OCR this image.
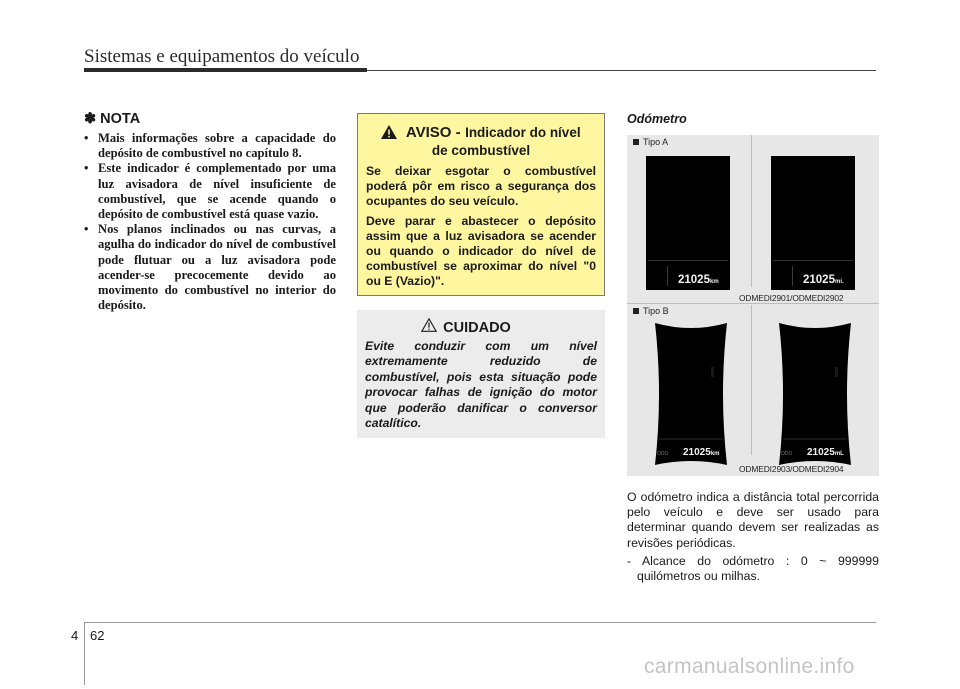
Sistemas e equipamentos do veículo
✽ NOTA
• Mais informações sobre a capacidade do depósito de combustível no capítulo 8.
• Este indicador é complementado por uma luz avisadora de nível insuficiente de combustível, que se acende quando o depósito de combustível está quase vazio.
• Nos planos inclinados ou nas curvas, a agulha do indicador do nível de combustível pode flutuar ou a luz avisadora pode acender-se precocemente devido ao movimento do combustível no interior do depósito.
AVISO - Indicador do nível
de combustível

Se deixar esgotar o combustível poderá pôr em risco a segurança dos ocupantes do seu veículo.

Deve parar e abastecer o depósito assim que a luz avisadora se acender ou quando o indicador do nível de combustível se aproximar do nível "0 ou E (Vazio)".

CUIDADO

Evite conduzir com um nível extremamente reduzido de combustível, pois esta situação pode provocar falhas de ignição do motor que poderão danificar o conversor catalítico.

Odómetro
Tipo A
Tipo B
21025km	21025mi.
ODMEDI2901/ODMEDI2902
ODO 21025km	ODO 21025mL
ODMEDI2903/ODMEDI2904

O odómetro indica a distância total percorrida pelo veículo e deve ser usado para determinar quando devem ser realizadas as revisões periódicas.

- Alcance do odómetro : 0 ~ 999999 quilómetros ou milhas.

4 62
carmanualsonline.info
